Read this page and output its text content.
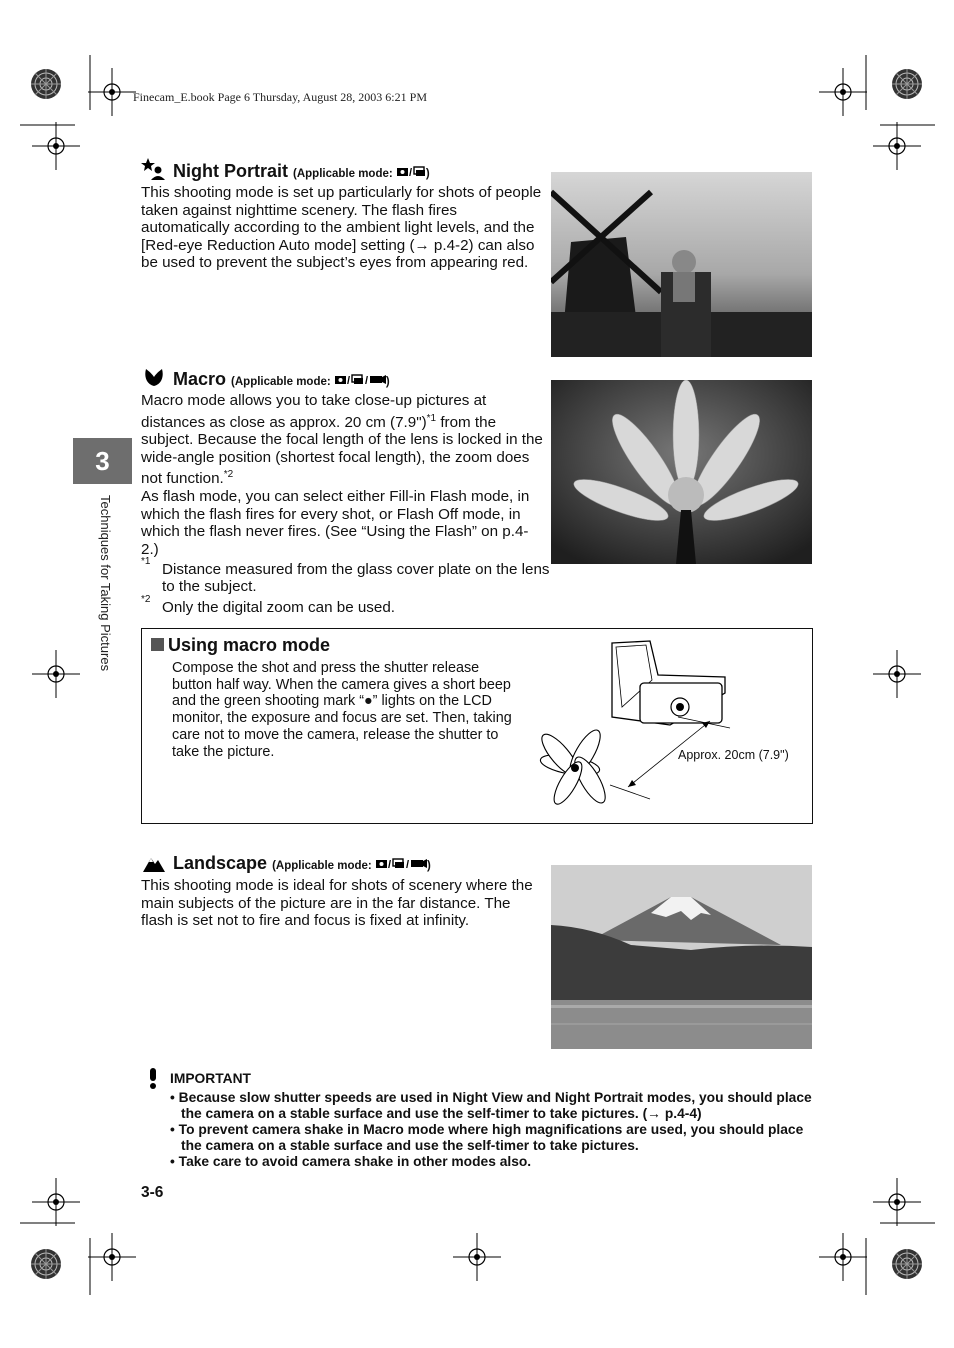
Finecam_E.book Page 6 Thursday, August 28, 2003 6:21 PM
3
Techniques for Taking Pictures
Night Portrait (Applicable mode: / )
This shooting mode is set up particularly for shots of people taken against nighttime scenery. The flash fires automatically according to the ambient light levels, and the [Red-eye Reduction Auto mode] setting (→ p.4-2) can also be used to prevent the subject’s eyes from appearing red.
Macro (Applicable mode: / / )
Macro mode allows you to take close-up pictures at distances as close as approx. 20 cm (7.9")$^{*1}$ from the subject. Because the focal length of the lens is locked in the wide-angle position (shortest focal length), the zoom does not function.$^{*2}$
As flash mode, you can select either Fill-in Flash mode, in which the flash fires for every shot, or Flash Off mode, in which the flash never fires. (See “Using the Flash” on p.4-2.)
$^{*1}$ Distance measured from the glass cover plate on the lens to the subject.
$^{*2}$ Only the digital zoom can be used.
Using macro mode
Compose the shot and press the shutter release button half way. When the camera gives a short beep and the green shooting mark “●” lights on the LCD monitor, the exposure and focus are set. Then, taking care not to move the camera, release the shutter to take the picture.	Approx. 20cm (7.9")
Landscape (Applicable mode: / / )
This shooting mode is ideal for shots of scenery where the main subjects of the picture are in the far distance. The flash is set not to fire and focus is fixed at infinity.
IMPORTANT
• Because slow shutter speeds are used in Night View and Night Portrait modes, you should place the camera on a stable surface and use the self-timer to take pictures. (→ p.4-4)
• To prevent camera shake in Macro mode where high magnifications are used, you should place the camera on a stable surface and use the self-timer to take pictures.
• Take care to avoid camera shake in other modes also.
3-6
